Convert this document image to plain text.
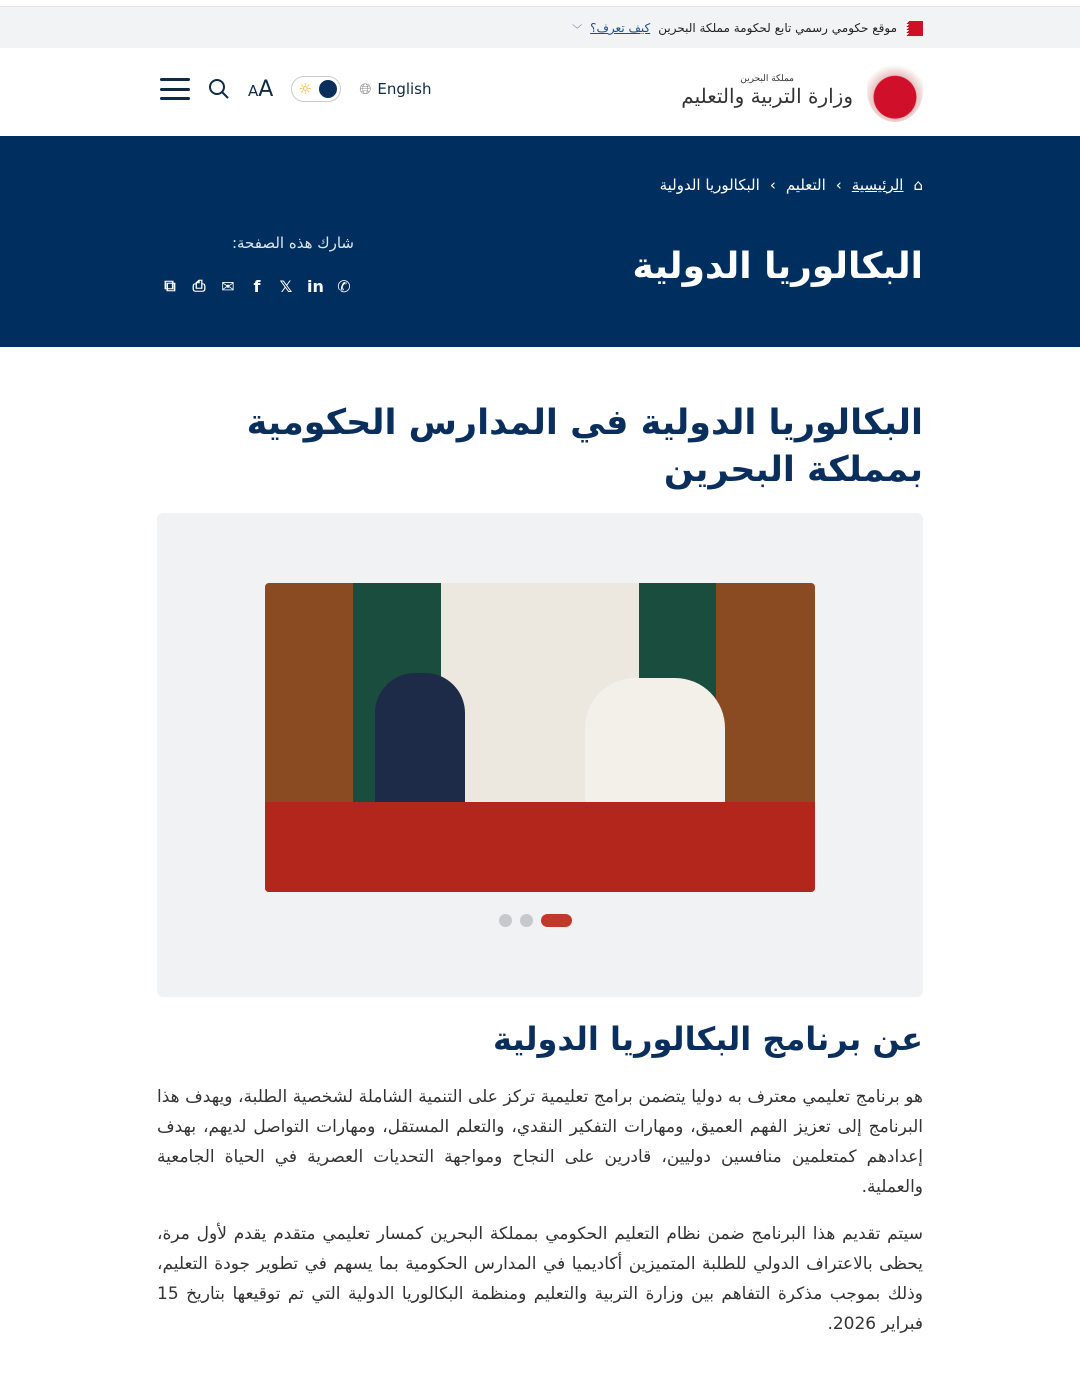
موقع حكومي رسمي تابع لحكومة مملكة البحرين
كيف تعرف؟
﹀
مملكة البحرين
وزارة التربية والتعليم
AA ☼	🌐︎ English
⌂
الرئيسية
›
التعليم
›
البكالوريا الدولية
البكالوريا الدولية
شارك هذه الصفحة:
⧉ ⎙ ✉ f 𝕏 in ✆
البكالوريا الدولية في المدارس الحكومية بمملكة البحرين
عن برنامج البكالوريا الدولية

هو برنامج تعليمي معترف به دوليا يتضمن برامج تعليمية تركز على التنمية الشاملة لشخصية الطلبة، ويهدف هذا البرنامج إلى تعزيز الفهم العميق، ومهارات التفكير النقدي، والتعلم المستقل، ومهارات التواصل لديهم، بهدف إعدادهم كمتعلمين منافسين دوليين، قادرين على النجاح ومواجهة التحديات العصرية في الحياة الجامعية والعملية.

سيتم تقديم هذا البرنامج ضمن نظام التعليم الحكومي بمملكة البحرين كمسار تعليمي متقدم يقدم لأول مرة، يحظى بالاعتراف الدولي للطلبة المتميزين أكاديميا في المدارس الحكومية بما يسهم في تطوير جودة التعليم، وذلك بموجب مذكرة التفاهم بين وزارة التربية والتعليم ومنظمة البكالوريا الدولية التي تم توقيعها بتاريخ 15 فبراير 2026.
